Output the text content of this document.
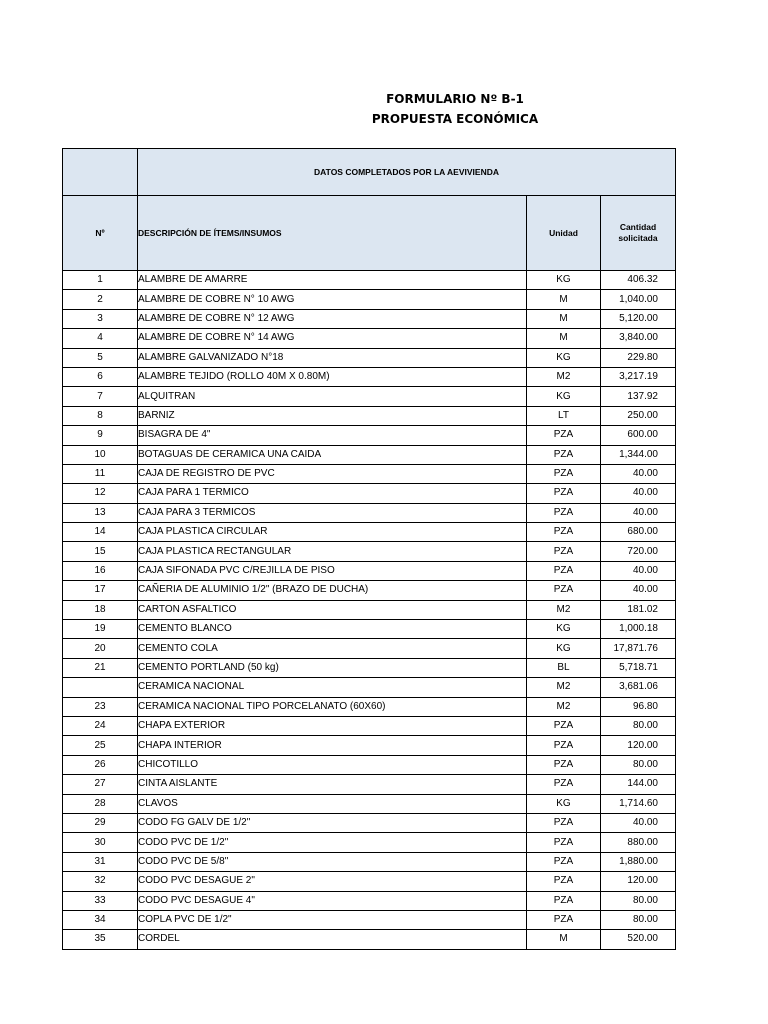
FORMULARIO Nº B-1
PROPUESTA ECONÓMICA
	DATOS COMPLETADOS POR LA AEVIVIENDA		
Nº	DESCRIPCIÓN DE ÍTEMS/INSUMOS	Unidad	Cantidad solicitada
1	ALAMBRE DE AMARRE	KG	406.32
2	ALAMBRE DE COBRE N° 10 AWG	M	1,040.00
3	ALAMBRE DE COBRE N° 12 AWG	M	5,120.00
4	ALAMBRE DE COBRE N° 14 AWG	M	3,840.00
5	ALAMBRE GALVANIZADO N°18	KG	229.80
6	ALAMBRE TEJIDO (ROLLO 40M X 0.80M)	M2	3,217.19
7	ALQUITRAN	KG	137.92
8	BARNIZ	LT	250.00
9	BISAGRA DE 4"	PZA	600.00
10	BOTAGUAS DE CERAMICA UNA CAIDA	PZA	1,344.00
11	CAJA DE REGISTRO DE PVC	PZA	40.00
12	CAJA PARA 1 TERMICO	PZA	40.00
13	CAJA PARA 3 TERMICOS	PZA	40.00
14	CAJA PLASTICA CIRCULAR	PZA	680.00
15	CAJA PLASTICA RECTANGULAR	PZA	720.00
16	CAJA SIFONADA PVC C/REJILLA DE PISO	PZA	40.00
17	CAÑERIA DE ALUMINIO 1/2" (BRAZO DE DUCHA)	PZA	40.00
18	CARTON ASFALTICO	M2	181.02
19	CEMENTO BLANCO	KG	1,000.18
20	CEMENTO COLA	KG	17,871.76
21	CEMENTO PORTLAND (50 kg)	BL	5,718.71
	CERAMICA NACIONAL	M2	3,681.06
23	CERAMICA NACIONAL TIPO PORCELANATO (60X60)	M2	96.80
24	CHAPA EXTERIOR	PZA	80.00
25	CHAPA INTERIOR	PZA	120.00
26	CHICOTILLO	PZA	80.00
27	CINTA AISLANTE	PZA	144.00
28	CLAVOS	KG	1,714.60
29	CODO FG GALV DE 1/2"	PZA	40.00
30	CODO PVC DE 1/2"	PZA	880.00
31	CODO PVC DE 5/8"	PZA	1,880.00
32	CODO PVC DESAGUE 2"	PZA	120.00
33	CODO PVC DESAGUE 4"	PZA	80.00
34	COPLA PVC DE 1/2"	PZA	80.00
35	CORDEL	M	520.00
